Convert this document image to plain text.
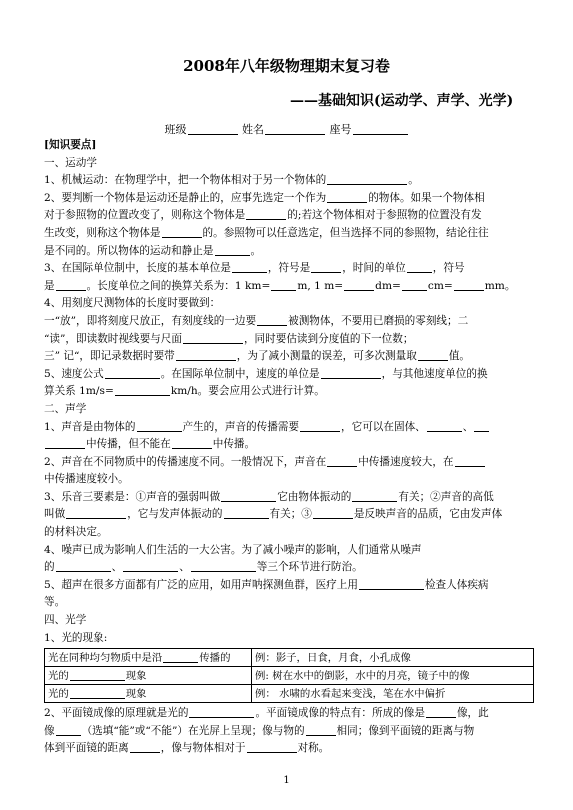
2008年八年级物理期末复习卷
——基础知识(运动学、声学、光学)
班级	姓名	座号

[知识要点]

一、运动学

1、机械运动：在物理学中，把一个物体相对于另一个物体的	。

2、要判断一个物体是运动还是静止的，应事先选定一个作为	的物体。如果一个物体相

对于参照物的位置改变了，则称这个物体是	的;若这个物体相对于参照物的位置没有发

生改变，则称这个物体是	的。参照物可以任意选定，但当选择不同的参照物，结论往往

是不同的。所以物体的运动和静止是	。

3、在国际单位制中，长度的基本单位是	，符号是	，时间的单位	，符号

是	。长度单位之间的换算关系为：1 km=	m, 1 m=	dm=	cm=	mm。

4、用刻度尺测物体的长度时要做到：

一“放”，即将刻度尺放正，有刻度线的一边要	被测物体，不要用已磨损的零刻线；二

“读”，即读数时视线要与尺面	，同时要估读到分度值的下一位数；

三” 记“，即记录数据时要带	，为了减小测量的误差，可多次测量取	值。

5、速度公式	。在国际单位制中，速度的单位是	，与其他速度单位的换

算关系 1m/s=	km/h。要会应用公式进行计算。

二、声学

1、声音是由物体的	产生的，声音的传播需要	，它可以在固体、	、

中传播，但不能在	中传播。

2、声音在不同物质中的传播速度不同。一般情况下，声音在	中传播速度较大，在

中传播速度较小。

3、乐音三要素是：①声音的强弱叫做	它由物体振动的	有关；②声音的高低

叫做	，它与发声体振动的	有关；③	是反映声音的品质，它由发声体

的材料决定。

4、噪声已成为影响人们生活的一大公害。为了减小噪声的影响，人们通常从噪声

的	、	、	等三个环节进行防治。

5、超声在很多方面都有广泛的应用，如用声呐探测鱼群，医疗上用	检查人体疾病

等。

四、光学

1、光的现象:

光在同种均匀物质中是沿 传播的	例：影子，日食，月食，小孔成像
光的 现象	例: 树在水中的倒影，水中的月亮，镜子中的像
光的 现象	例： 水啸的水看起来变浅，笔在水中偏折

2、平面镜成像的原理就是光的	。平面镜成像的特点有：所成的像是	像，此

像	（选填“能”或“不能”）在光屏上呈现；像与物的	相同；像到平面镜的距离与物

体到平面镜的距离	，像与物体相对于	对称。

1
